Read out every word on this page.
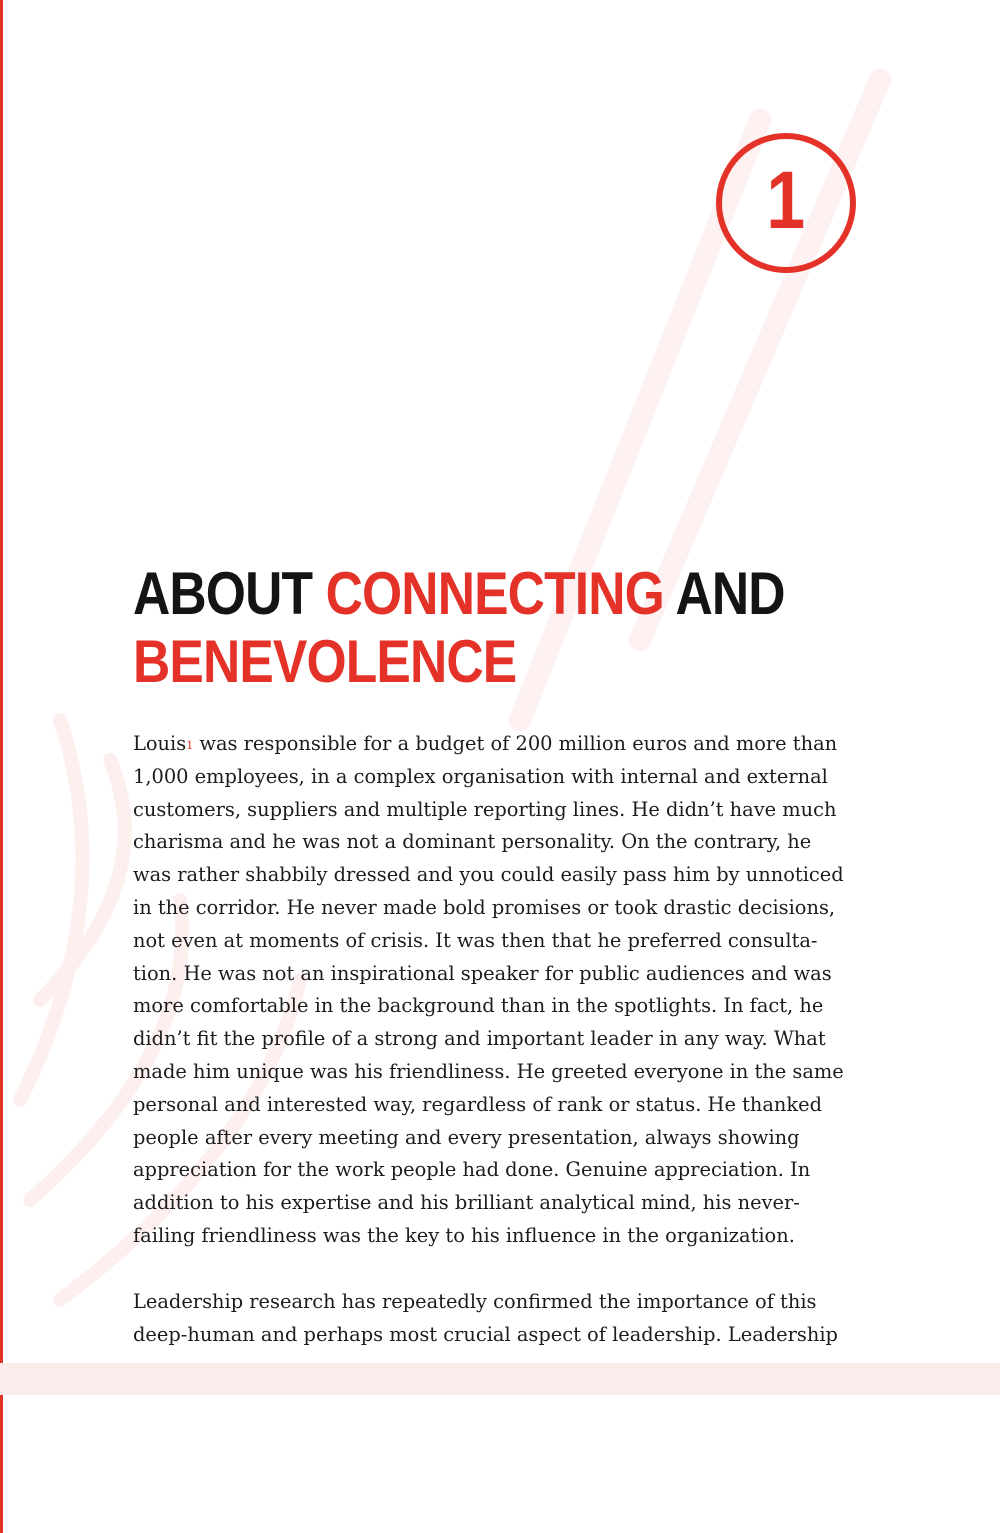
1
ABOUT CONNECTING AND
BENEVOLENCE
Louis$^1$ was responsible for a budget of 200 million euros and more than
1,000 employees, in a complex organisation with internal and external
customers, suppliers and multiple reporting lines. He didn’t have much
charisma and he was not a dominant personality. On the contrary, he
was rather shabbily dressed and you could easily pass him by unnoticed
in the corridor. He never made bold promises or took drastic decisions,
not even at moments of crisis. It was then that he preferred consulta-
tion. He was not an inspirational speaker for public audiences and was
more comfortable in the background than in the spotlights. In fact, he
didn’t fit the profile of a strong and important leader in any way. What
made him unique was his friendliness. He greeted everyone in the same
personal and interested way, regardless of rank or status. He thanked
people after every meeting and every presentation, always showing
appreciation for the work people had done. Genuine appreciation. In
addition to his expertise and his brilliant analytical mind, his never-
failing friendliness was the key to his influence in the organization.
Leadership research has repeatedly confirmed the importance of this
deep-human and perhaps most crucial aspect of leadership. Leadership
